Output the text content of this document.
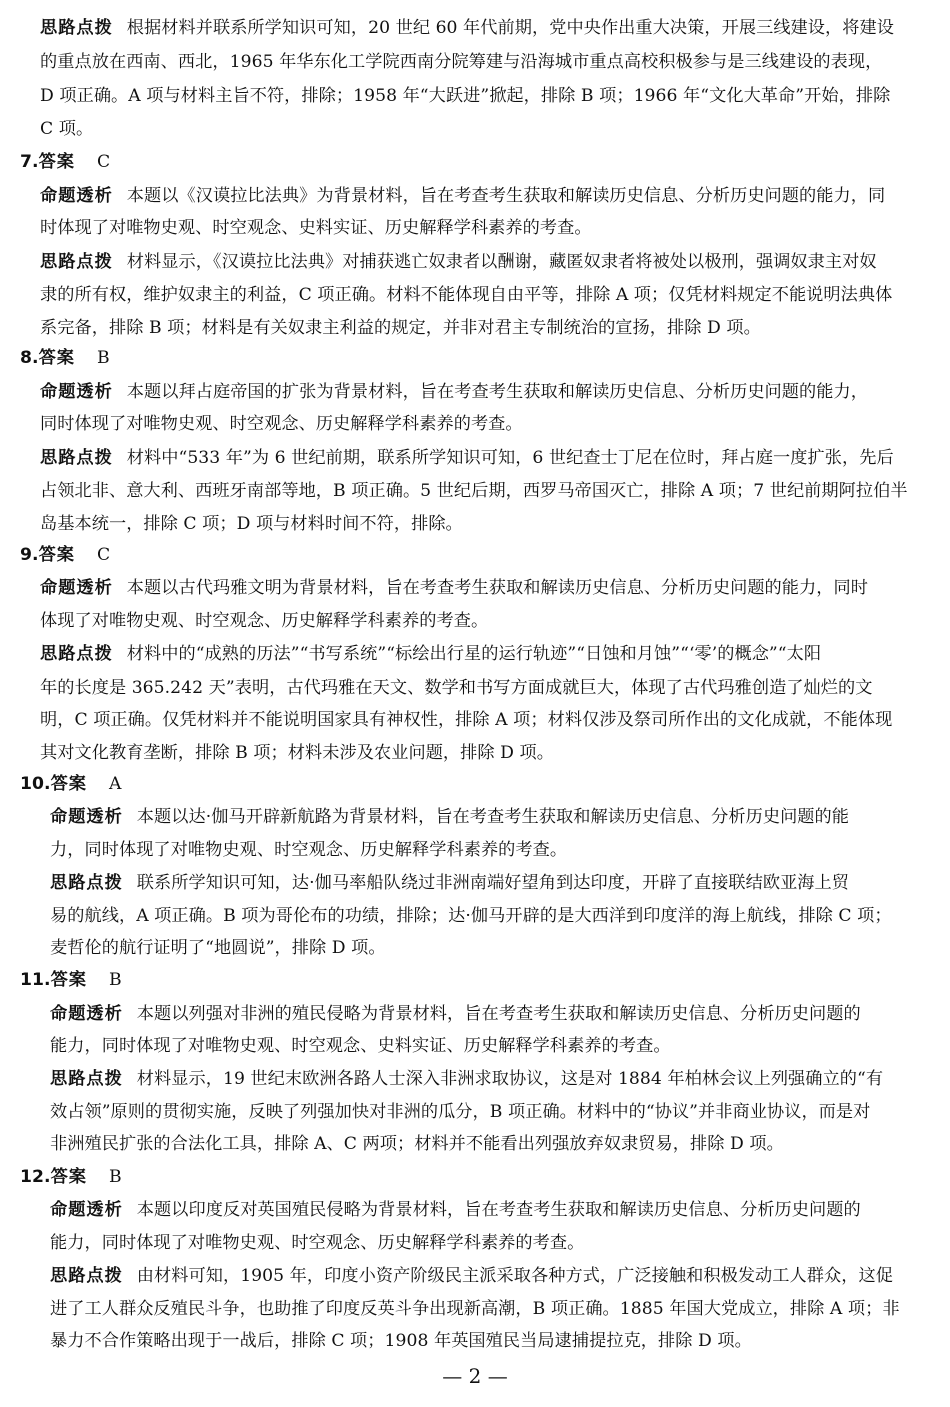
思路点拨 根据材料并联系所学知识可知，20 世纪 60 年代前期，党中央作出重大决策，开展三线建设，将建设
的重点放在西南、西北，1965 年华东化工学院西南分院筹建与沿海城市重点高校积极参与是三线建设的表现，
D 项正确。A 项与材料主旨不符，排除；1958 年“大跃进”掀起，排除 B 项；1966 年“文化大革命”开始，排除
C 项。
7.答案 C
命题透析 本题以《汉谟拉比法典》为背景材料，旨在考查考生获取和解读历史信息、分析历史问题的能力，同
时体现了对唯物史观、时空观念、史料实证、历史解释学科素养的考查。
思路点拨 材料显示，《汉谟拉比法典》对捕获逃亡奴隶者以酬谢，藏匿奴隶者将被处以极刑，强调奴隶主对奴
隶的所有权，维护奴隶主的利益，C 项正确。材料不能体现自由平等，排除 A 项；仅凭材料规定不能说明法典体
系完备，排除 B 项；材料是有关奴隶主利益的规定，并非对君主专制统治的宣扬，排除 D 项。
8.答案 B
命题透析 本题以拜占庭帝国的扩张为背景材料，旨在考查考生获取和解读历史信息、分析历史问题的能力，
同时体现了对唯物史观、时空观念、历史解释学科素养的考查。
思路点拨 材料中“533 年”为 6 世纪前期，联系所学知识可知，6 世纪查士丁尼在位时，拜占庭一度扩张，先后
占领北非、意大利、西班牙南部等地，B 项正确。5 世纪后期，西罗马帝国灭亡，排除 A 项；7 世纪前期阿拉伯半
岛基本统一，排除 C 项；D 项与材料时间不符，排除。
9.答案 C
命题透析 本题以古代玛雅文明为背景材料，旨在考查考生获取和解读历史信息、分析历史问题的能力，同时
体现了对唯物史观、时空观念、历史解释学科素养的考查。
思路点拨 材料中的“成熟的历法”“书写系统”“标绘出行星的运行轨迹”“日蚀和月蚀”“‘零’的概念”“太阳
年的长度是 365.242 天”表明，古代玛雅在天文、数学和书写方面成就巨大，体现了古代玛雅创造了灿烂的文
明，C 项正确。仅凭材料并不能说明国家具有神权性，排除 A 项；材料仅涉及祭司所作出的文化成就，不能体现
其对文化教育垄断，排除 B 项；材料未涉及农业问题，排除 D 项。
10.答案 A
命题透析 本题以达·伽马开辟新航路为背景材料，旨在考查考生获取和解读历史信息、分析历史问题的能
力，同时体现了对唯物史观、时空观念、历史解释学科素养的考查。
思路点拨 联系所学知识可知，达·伽马率船队绕过非洲南端好望角到达印度，开辟了直接联结欧亚海上贸
易的航线，A 项正确。B 项为哥伦布的功绩，排除；达·伽马开辟的是大西洋到印度洋的海上航线，排除 C 项；
麦哲伦的航行证明了“地圆说”，排除 D 项。
11.答案 B
命题透析 本题以列强对非洲的殖民侵略为背景材料，旨在考查考生获取和解读历史信息、分析历史问题的
能力，同时体现了对唯物史观、时空观念、史料实证、历史解释学科素养的考查。
思路点拨 材料显示，19 世纪末欧洲各路人士深入非洲求取协议，这是对 1884 年柏林会议上列强确立的“有
效占领”原则的贯彻实施，反映了列强加快对非洲的瓜分，B 项正确。材料中的“协议”并非商业协议，而是对
非洲殖民扩张的合法化工具，排除 A、C 两项；材料并不能看出列强放弃奴隶贸易，排除 D 项。
12.答案 B
命题透析 本题以印度反对英国殖民侵略为背景材料，旨在考查考生获取和解读历史信息、分析历史问题的
能力，同时体现了对唯物史观、时空观念、历史解释学科素养的考查。
思路点拨 由材料可知，1905 年，印度小资产阶级民主派采取各种方式，广泛接触和积极发动工人群众，这促
进了工人群众反殖民斗争，也助推了印度反英斗争出现新高潮，B 项正确。1885 年国大党成立，排除 A 项；非
暴力不合作策略出现于一战后，排除 C 项；1908 年英国殖民当局逮捕提拉克，排除 D 项。
— 2 —
